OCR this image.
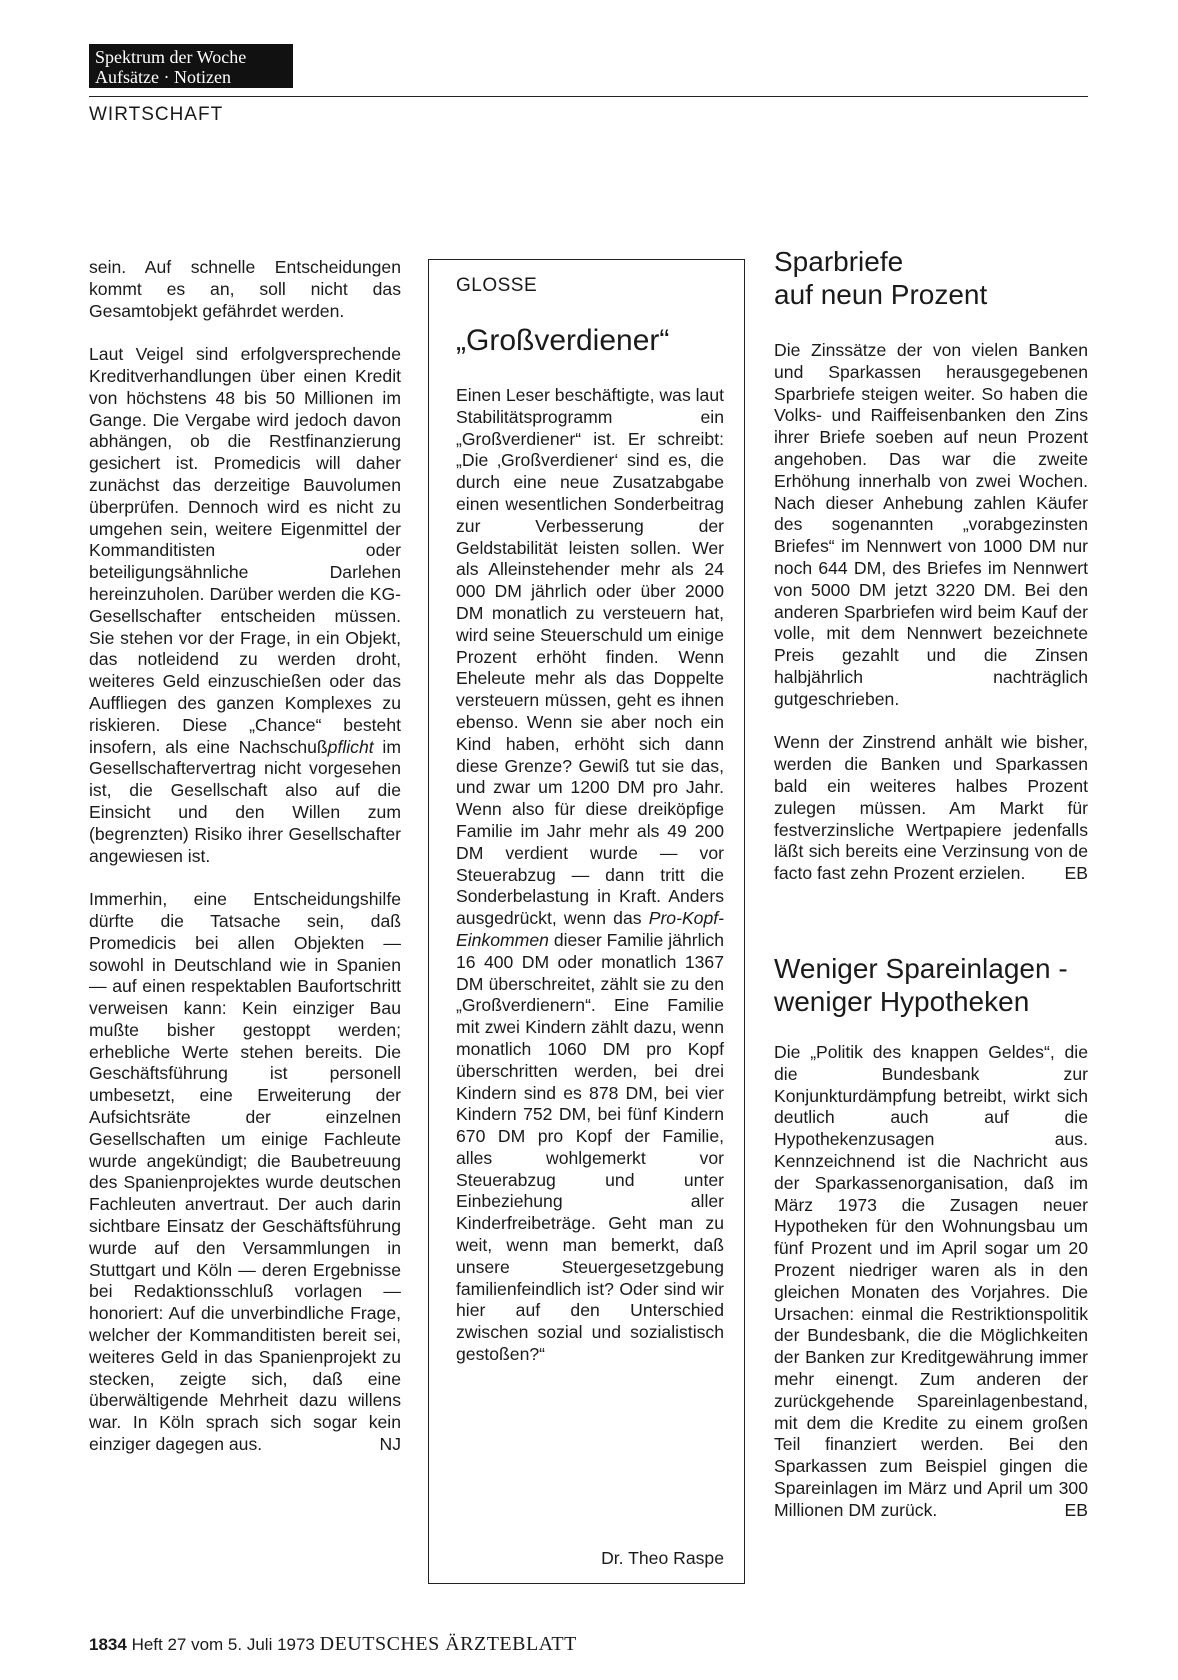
Spektrum der Woche
Aufsätze · Notizen
WIRTSCHAFT

sein. Auf schnelle Entscheidungen kommt es an, soll nicht das Gesamtobjekt gefährdet werden.

Laut Veigel sind erfolgversprechende Kreditverhandlungen über einen Kredit von höchstens 48 bis 50 Millionen im Gange. Die Vergabe wird jedoch davon abhängen, ob die Restfinanzierung gesichert ist. Promedicis will daher zunächst das derzeitige Bauvolumen überprüfen. Dennoch wird es nicht zu umgehen sein, weitere Eigenmittel der Kommanditisten oder beteiligungsähnliche Darlehen hereinzuholen. Darüber werden die KG-Gesellschafter entscheiden müssen. Sie stehen vor der Frage, in ein Objekt, das notleidend zu werden droht, weiteres Geld einzuschießen oder das Auffliegen des ganzen Komplexes zu riskieren. Diese „Chance“ besteht insofern, als eine Nachschußpflicht im Gesellschaftervertrag nicht vorgesehen ist, die Gesellschaft also auf die Einsicht und den Willen zum (begrenzten) Risiko ihrer Gesellschafter angewiesen ist.

Immerhin, eine Entscheidungshilfe dürfte die Tatsache sein, daß Promedicis bei allen Objekten — sowohl in Deutschland wie in Spanien — auf einen respektablen Baufortschritt verweisen kann: Kein einziger Bau mußte bisher gestoppt werden; erhebliche Werte stehen bereits. Die Geschäftsführung ist personell umbesetzt, eine Erweiterung der Aufsichtsräte der einzelnen Gesellschaften um einige Fachleute wurde angekündigt; die Baubetreuung des Spanienprojektes wurde deutschen Fachleuten anvertraut. Der auch darin sichtbare Einsatz der Geschäftsführung wurde auf den Versammlungen in Stuttgart und Köln — deren Ergebnisse bei Redaktionsschluß vorlagen — honoriert: Auf die unverbindliche Frage, welcher der Kommanditisten bereit sei, weiteres Geld in das Spanienprojekt zu stecken, zeigte sich, daß eine überwältigende Mehrheit dazu willens war. In Köln sprach sich sogar kein einziger dagegen aus.	NJ

GLOSSE
„Großverdiener“

Einen Leser beschäftigte, was laut Stabilitätsprogramm ein „Großverdiener“ ist. Er schreibt: „Die ‚Großverdiener‘ sind es, die durch eine neue Zusatzabgabe einen wesentlichen Sonderbeitrag zur Verbesserung der Geldstabilität leisten sollen. Wer als Alleinstehender mehr als 24 000 DM jährlich oder über 2000 DM monatlich zu versteuern hat, wird seine Steuerschuld um einige Prozent erhöht finden. Wenn Eheleute mehr als das Doppelte versteuern müssen, geht es ihnen ebenso. Wenn sie aber noch ein Kind haben, erhöht sich dann diese Grenze? Gewiß tut sie das, und zwar um 1200 DM pro Jahr. Wenn also für diese dreiköpfige Familie im Jahr mehr als 49 200 DM verdient wurde — vor Steuerabzug — dann tritt die Sonderbelastung in Kraft. Anders ausgedrückt, wenn das Pro-Kopf-Einkommen dieser Familie jährlich 16 400 DM oder monatlich 1367 DM überschreitet, zählt sie zu den „Großverdienern“. Eine Familie mit zwei Kindern zählt dazu, wenn monatlich 1060 DM pro Kopf überschritten werden, bei drei Kindern sind es 878 DM, bei vier Kindern 752 DM, bei fünf Kindern 670 DM pro Kopf der Familie, alles wohlgemerkt vor Steuerabzug und unter Einbeziehung aller Kinderfreibeträge. Geht man zu weit, wenn man bemerkt, daß unsere Steuergesetzgebung familienfeindlich ist? Oder sind wir hier auf den Unterschied zwischen sozial und sozialistisch gestoßen?“

Dr. Theo Raspe
Sparbriefe
auf neun Prozent

Die Zinssätze der von vielen Banken und Sparkassen herausgegebenen Sparbriefe steigen weiter. So haben die Volks- und Raiffeisenbanken den Zins ihrer Briefe soeben auf neun Prozent angehoben. Das war die zweite Erhöhung innerhalb von zwei Wochen. Nach dieser Anhebung zahlen Käufer des sogenannten „vorabgezinsten Briefes“ im Nennwert von 1000 DM nur noch 644 DM, des Briefes im Nennwert von 5000 DM jetzt 3220 DM. Bei den anderen Sparbriefen wird beim Kauf der volle, mit dem Nennwert bezeichnete Preis gezahlt und die Zinsen halbjährlich nachträglich gutgeschrieben.

Wenn der Zinstrend anhält wie bisher, werden die Banken und Sparkassen bald ein weiteres halbes Prozent zulegen müssen. Am Markt für festverzinsliche Wertpapiere jedenfalls läßt sich bereits eine Verzinsung von de facto fast zehn Prozent erzielen. EB

Weniger Spareinlagen -
weniger Hypotheken

Die „Politik des knappen Geldes“, die die Bundesbank zur Konjunkturdämpfung betreibt, wirkt sich deutlich auch auf die Hypothekenzusagen aus. Kennzeichnend ist die Nachricht aus der Sparkassenorganisation, daß im März 1973 die Zusagen neuer Hypotheken für den Wohnungsbau um fünf Prozent und im April sogar um 20 Prozent niedriger waren als in den gleichen Monaten des Vorjahres. Die Ursachen: einmal die Restriktionspolitik der Bundesbank, die die Möglichkeiten der Banken zur Kreditgewährung immer mehr einengt. Zum anderen der zurückgehende Spareinlagenbestand, mit dem die Kredite zu einem großen Teil finanziert werden. Bei den Sparkassen zum Beispiel gingen die Spareinlagen im März und April um 300 Millionen DM zurück.	EB

1834 Heft 27 vom 5. Juli 1973 DEUTSCHES ÄRZTEBLATT
